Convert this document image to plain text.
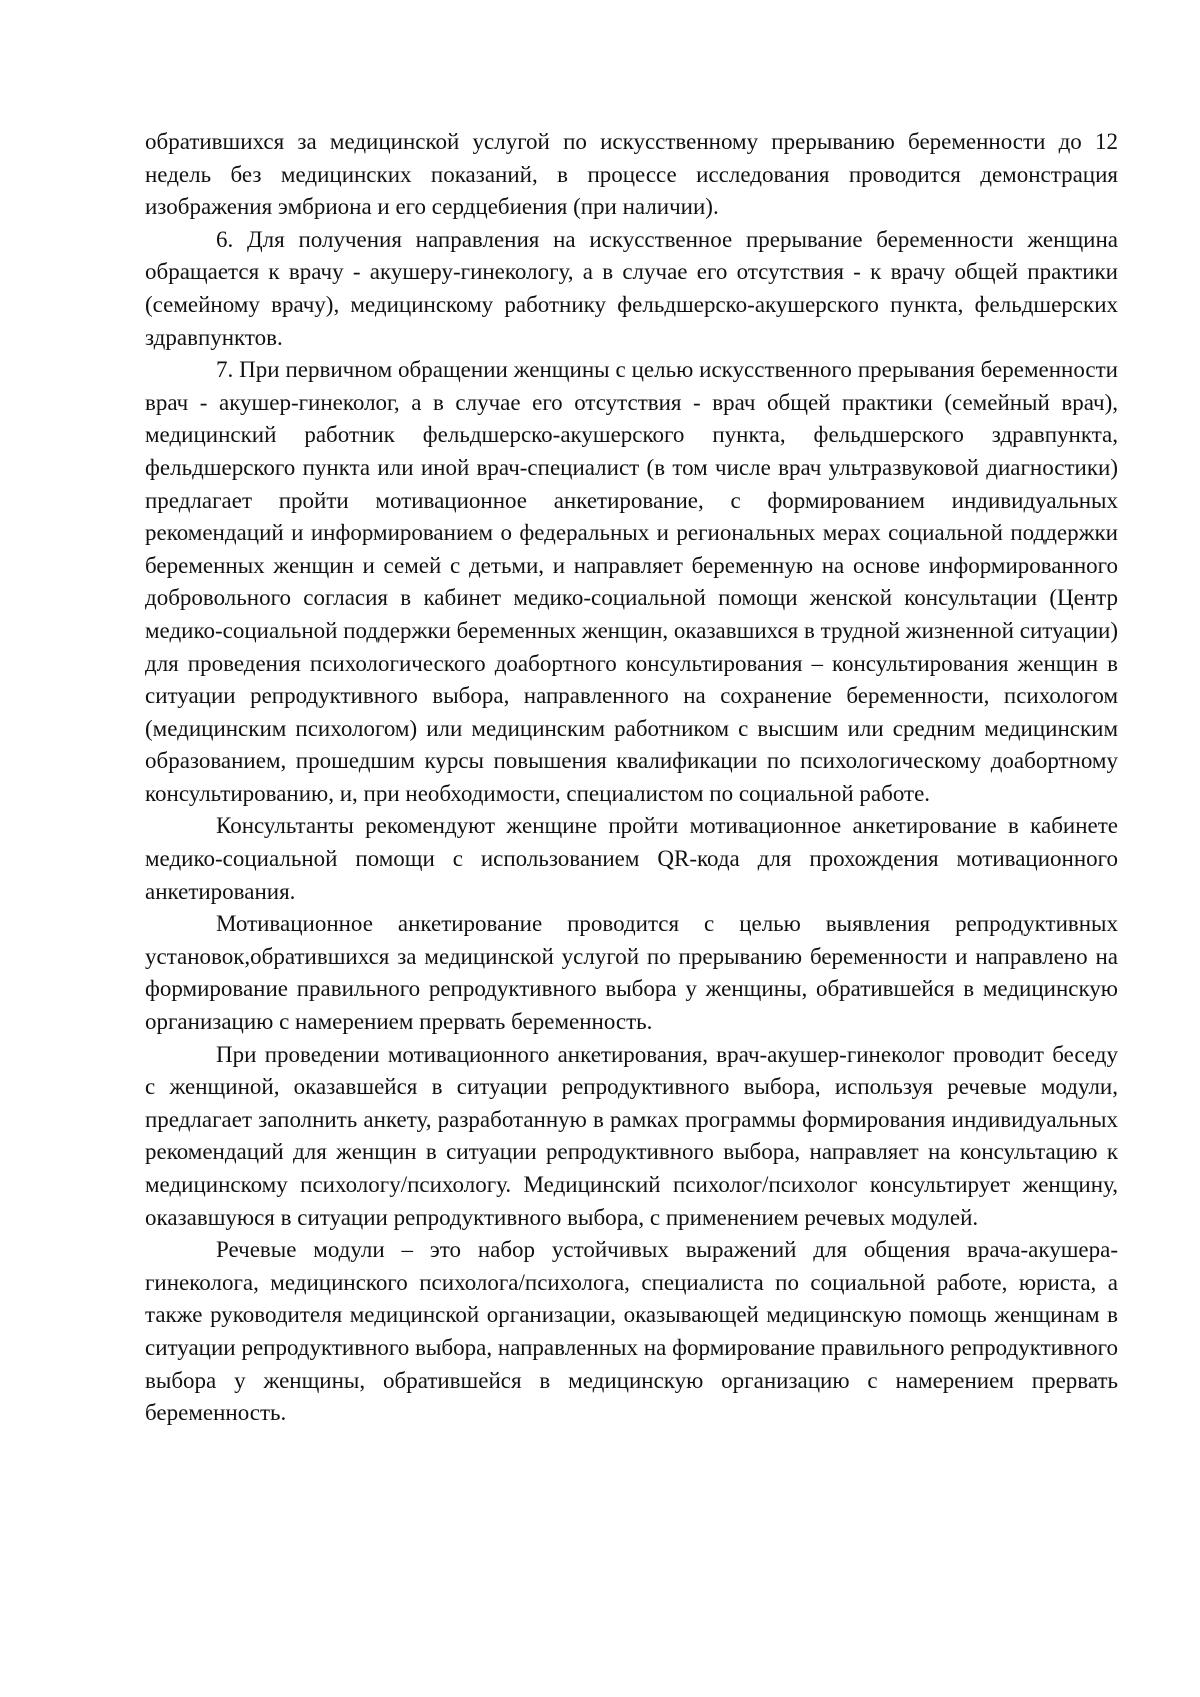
обратившихся за медицинской услугой по искусственному прерыванию беременности до 12 недель без медицинских показаний, в процессе исследования проводится демонстрация изображения эмбриона и его сердцебиения (при наличии).

6. Для получения направления на искусственное прерывание беременности женщина обращается к врачу - акушеру-гинекологу, а в случае его отсутствия - к врачу общей практики (семейному врачу), медицинскому работнику фельдшерско-акушерского пункта, фельдшерских здравпунктов.

7. При первичном обращении женщины с целью искусственного прерывания беременности врач - акушер-гинеколог, а в случае его отсутствия - врач общей практики (семейный врач), медицинский работник фельдшерско-акушерского пункта, фельдшерского здравпункта, фельдшерского пункта или иной врач-специалист (в том числе врач ультразвуковой диагностики) предлагает пройти мотивационное анкетирование, с формированием индивидуальных рекомендаций и информированием о федеральных и региональных мерах социальной поддержки беременных женщин и семей с детьми, и направляет беременную на основе информированного добровольного согласия в кабинет медико-социальной помощи женской консультации (Центр медико-социальной поддержки беременных женщин, оказавшихся в трудной жизненной ситуации) для проведения психологического доабортного консультирования – консультирования женщин в ситуации репродуктивного выбора, направленного на сохранение беременности, психологом (медицинским психологом) или медицинским работником с высшим или средним медицинским образованием, прошедшим курсы повышения квалификации по психологическому доабортному консультированию, и, при необходимости, специалистом по социальной работе.

Консультанты рекомендуют женщине пройти мотивационное анкетирование в кабинете медико-социальной помощи с использованием QR-кода для прохождения мотивационного анкетирования.

Мотивационное анкетирование проводится с целью выявления репродуктивных установок,обратившихся за медицинской услугой по прерыванию беременности и направлено на формирование правильного репродуктивного выбора у женщины, обратившейся в медицинскую организацию с намерением прервать беременность.

При проведении мотивационного анкетирования, врач-акушер-гинеколог проводит беседу с женщиной, оказавшейся в ситуации репродуктивного выбора, используя речевые модули, предлагает заполнить анкету, разработанную в рамках программы формирования индивидуальных рекомендаций для женщин в ситуации репродуктивного выбора, направляет на консультацию к медицинскому психологу/психологу. Медицинский психолог/психолог консультирует женщину, оказавшуюся в ситуации репродуктивного выбора, с применением речевых модулей.

Речевые модули – это набор устойчивых выражений для общения врача-акушера-гинеколога, медицинского психолога/психолога, специалиста по социальной работе, юриста, а также руководителя медицинской организации, оказывающей медицинскую помощь женщинам в ситуации репродуктивного выбора, направленных на формирование правильного репродуктивного выбора у женщины, обратившейся в медицинскую организацию с намерением прервать беременность.
